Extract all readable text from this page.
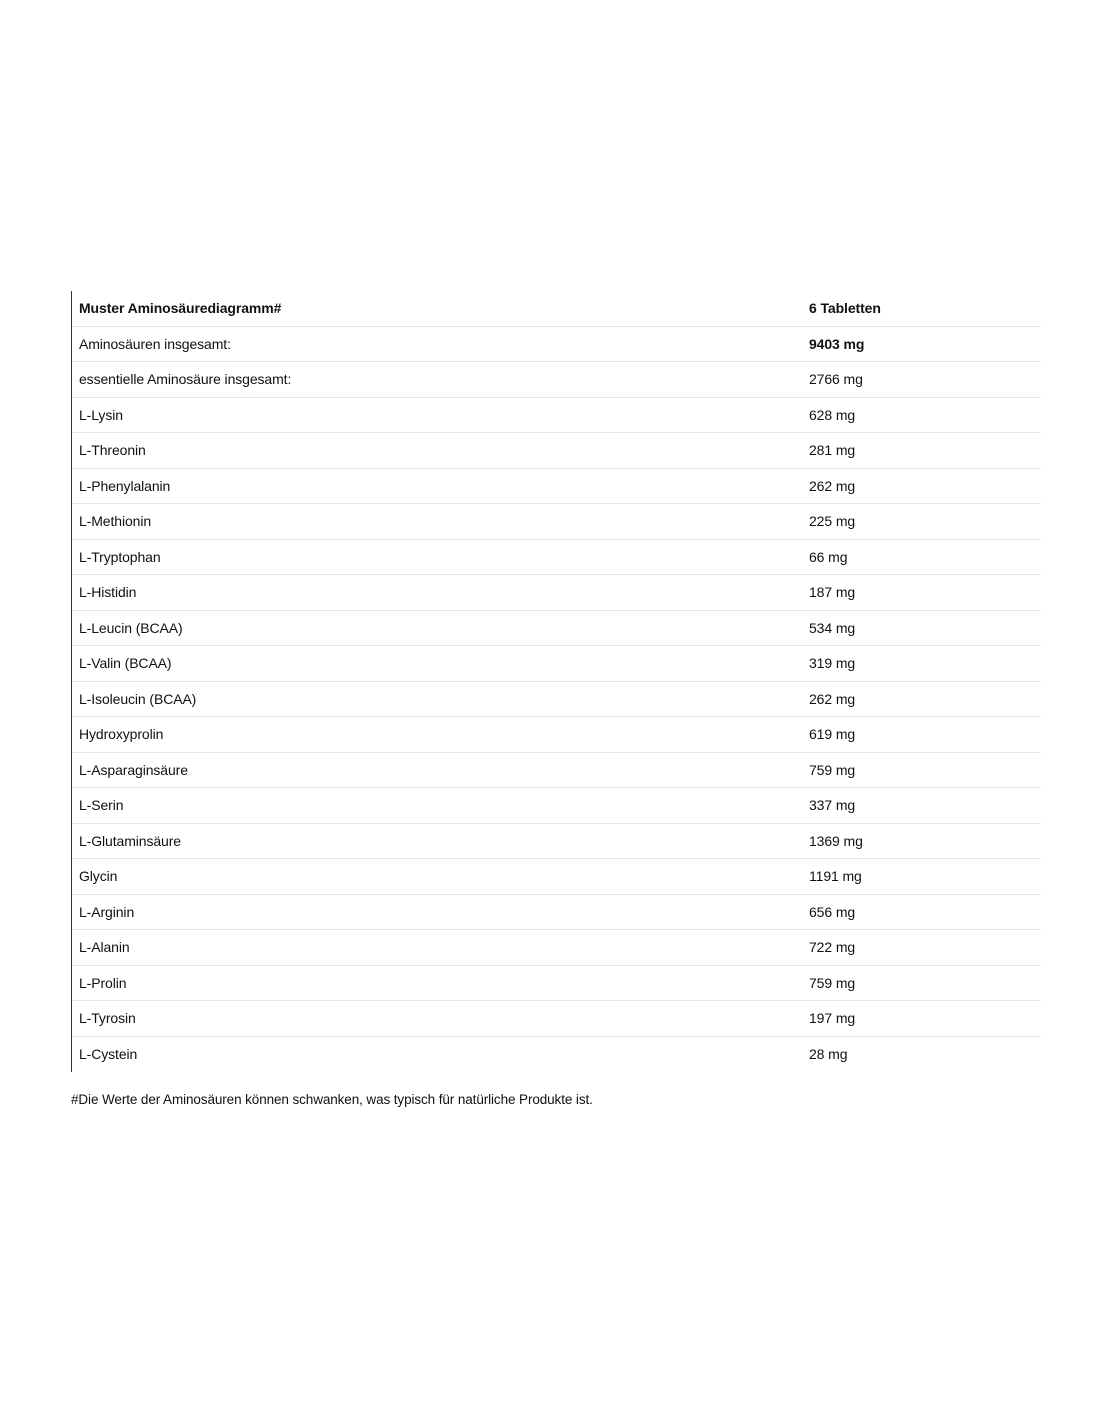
Muster Aminosäurediagramm#	6 Tabletten
Aminosäuren insgesamt:	9403 mg
essentielle Aminosäure insgesamt:	2766 mg
L-Lysin	628 mg
L-Threonin	281 mg
L-Phenylalanin	262 mg
L-Methionin	225 mg
L-Tryptophan	66 mg
L-Histidin	187 mg
L-Leucin (BCAA)	534 mg
L-Valin (BCAA)	319 mg
L-Isoleucin (BCAA)	262 mg
Hydroxyprolin	619 mg
L-Asparaginsäure	759 mg
L-Serin	337 mg
L-Glutaminsäure	1369 mg
Glycin	1191 mg
L-Arginin	656 mg
L-Alanin	722 mg
L-Prolin	759 mg
L-Tyrosin	197 mg
L-Cystein	28 mg
#Die Werte der Aminosäuren können schwanken, was typisch für natürliche Produkte ist.
